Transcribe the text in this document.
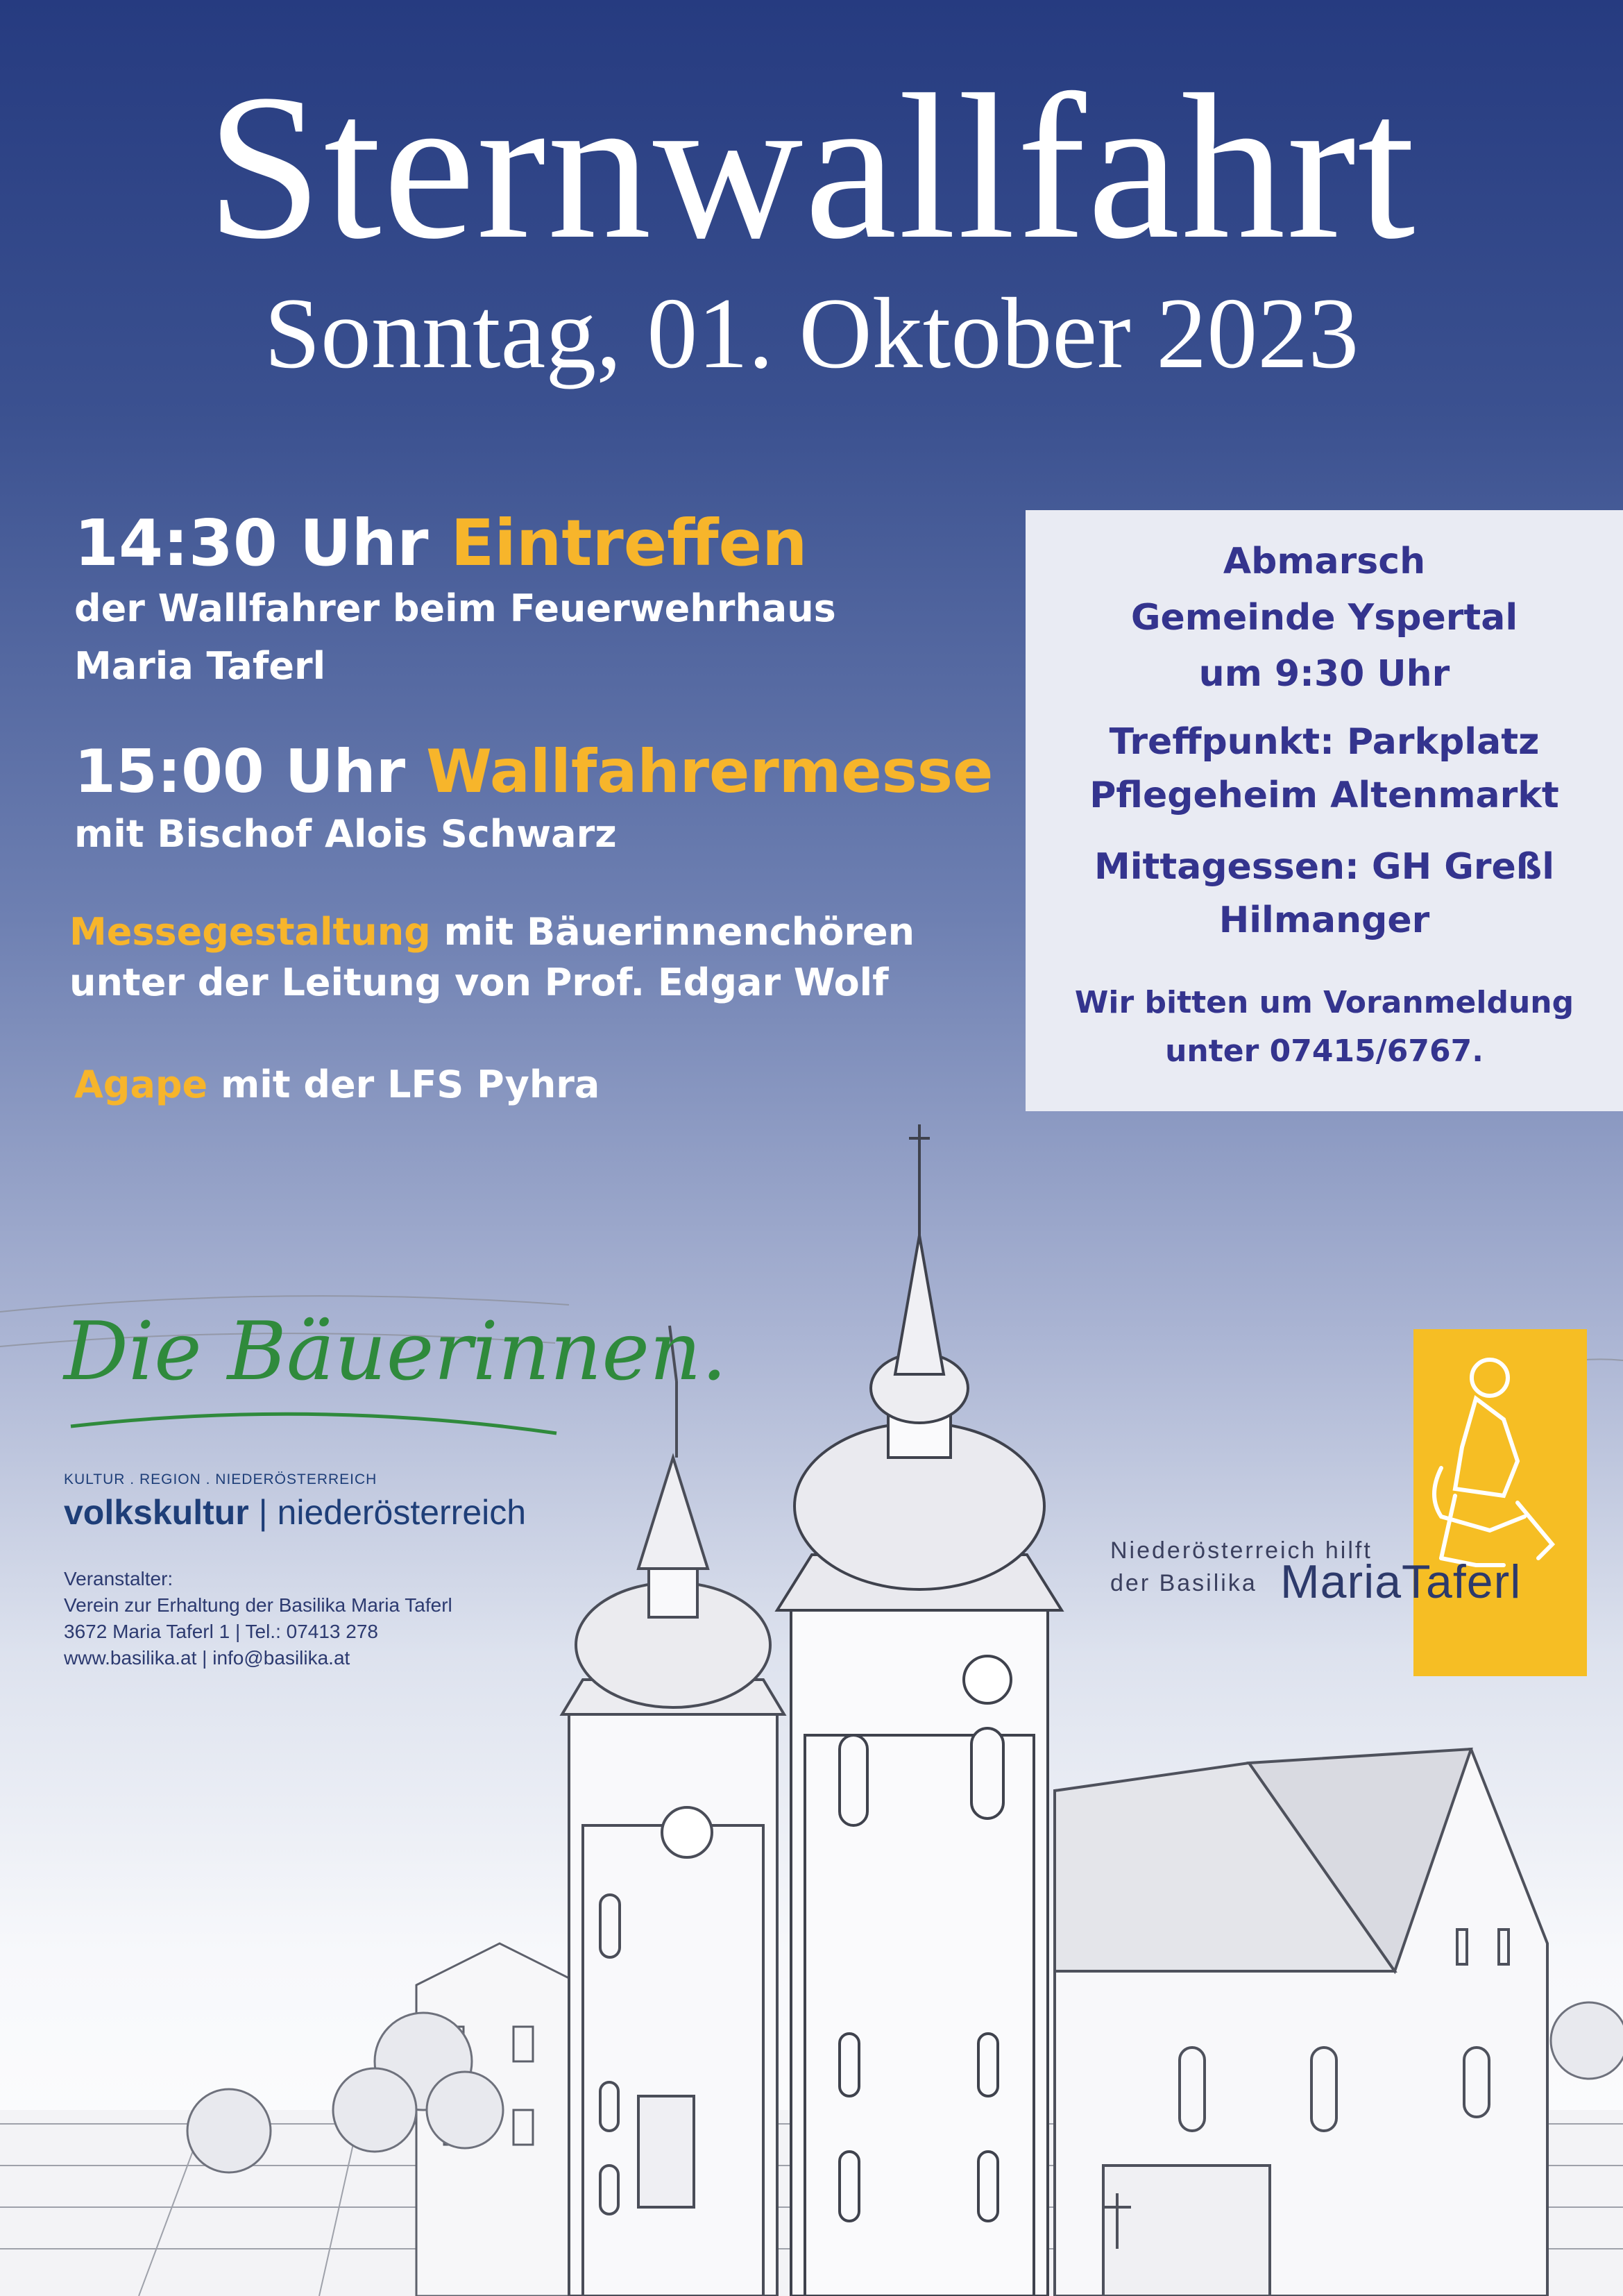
Sternwallfahrt
Sonntag, 01. Oktober 2023
14:30 Uhr Eintreffen
der Wallfahrer beim Feuerwehrhaus
Maria Taferl
15:00 Uhr Wallfahrermesse
mit Bischof Alois Schwarz
Messegestaltung mit Bäuerinnenchören
unter der Leitung von Prof. Edgar Wolf
Agape mit der LFS Pyhra
Abmarsch
Gemeinde Yspertal
um 9:30 Uhr
Treffpunkt: Parkplatz
Pflegeheim Altenmarkt
Mittagessen: GH Greßl
Hilmanger
Wir bitten um Voranmeldung
unter 07415/6767.
Die Bäuerinnen.
KULTUR . REGION . NIEDERÖSTERREICH
volkskultur | niederösterreich
Veranstalter:
Verein zur Erhaltung der Basilika Maria Taferl
3672 Maria Taferl 1 | Tel.: 07413 278
www.basilika.at | info@basilika.at
Niederösterreich hilft
der Basilika MariaTaferl
